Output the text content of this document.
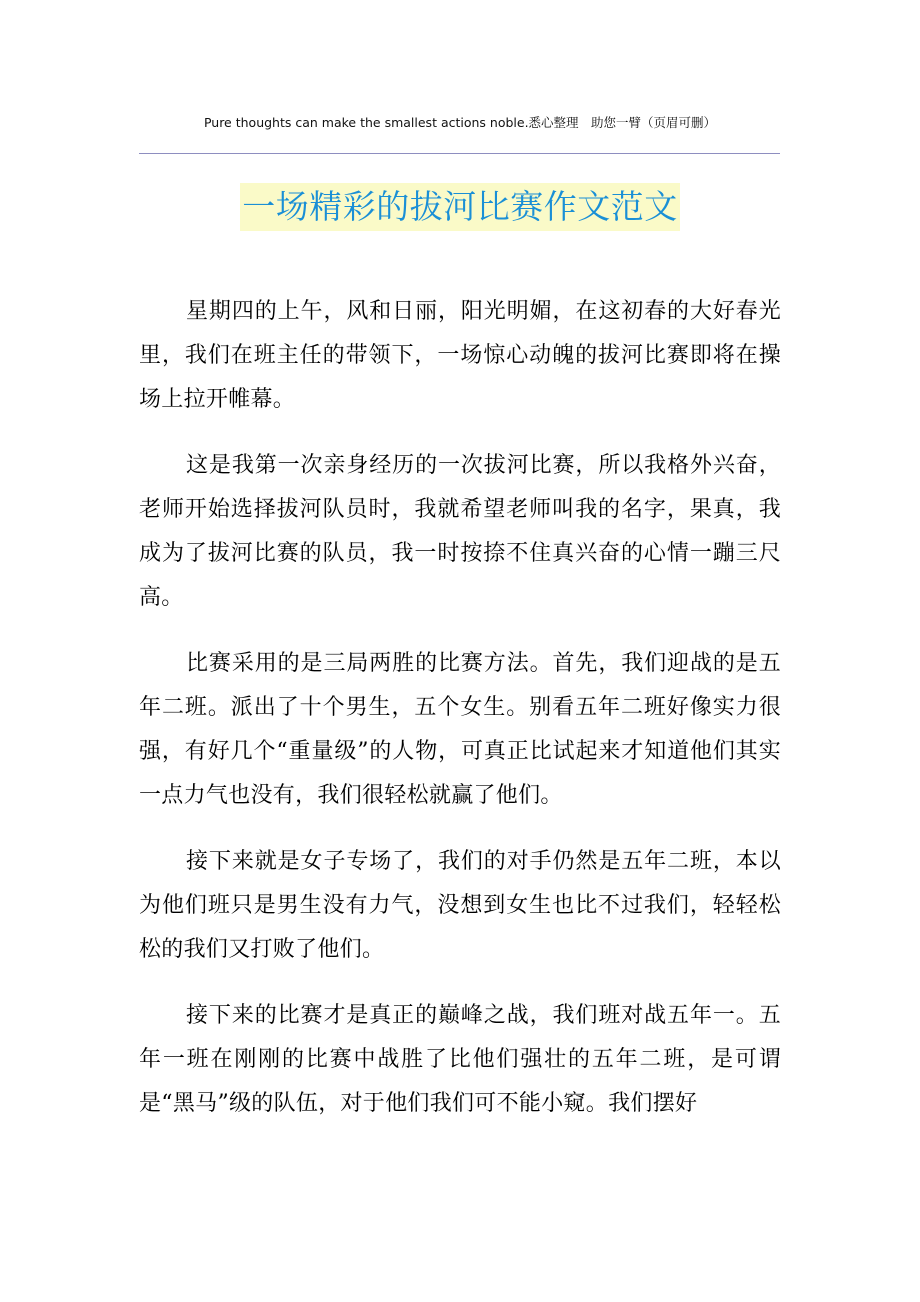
Pure thoughts can make the smallest actions noble.悉心整理　助您一臂（页眉可删）
一场精彩的拔河比赛作文范文

星期四的上午，风和日丽，阳光明媚，在这初春的大好春光里，我们在班主任的带领下，一场惊心动魄的拔河比赛即将在操场上拉开帷幕。

这是我第一次亲身经历的一次拔河比赛，所以我格外兴奋，老师开始选择拔河队员时，我就希望老师叫我的名字，果真，我成为了拔河比赛的队员，我一时按捺不住真兴奋的心情一蹦三尺高。

比赛采用的是三局两胜的比赛方法。首先，我们迎战的是五年二班。派出了十个男生，五个女生。别看五年二班好像实力很强，有好几个“重量级”的人物，可真正比试起来才知道他们其实一点力气也没有，我们很轻松就赢了他们。

接下来就是女子专场了，我们的对手仍然是五年二班，本以为他们班只是男生没有力气，没想到女生也比不过我们，轻轻松松的我们又打败了他们。

接下来的比赛才是真正的巅峰之战，我们班对战五年一。五年一班在刚刚的比赛中战胜了比他们强壮的五年二班，是可谓是“黑马”级的队伍，对于他们我们可不能小窥。我们摆好
